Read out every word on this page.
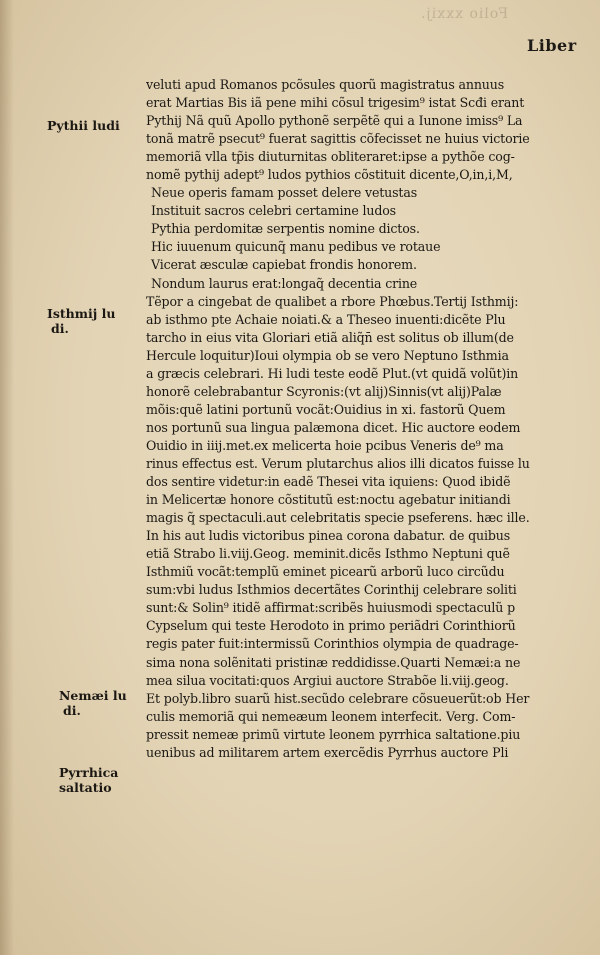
Folio xxxij.
Liber
Pythii ludi
Isthmij lu
di.
Nemæi lu
di.
Pyrrhica
saltatio
veluti apud Romanos pcõsules quorũ magistratus annuus
erat Martias Bis iã pene mihi cõsul trigesim⁹ istat Scđi erant
Pythij Nã quũ Apollo pythonẽ serpẽtẽ qui a Iunone imiss⁹ La
tonã matrẽ psecut⁹ fuerat sagittis cõfecisset ne huius victorie
memoriã vlla tp̃is diuturnitas obliteraret:ipse a pythõe cog-
nomẽ pythij adept⁹ ludos pythios cõstituit dicente,O,in,i,M,
Neue operis famam posset delere vetustas
Instituit sacros celebri certamine ludos
Pythia perdomitæ serpentis nomine dictos.
Hic iuuenum quicunq̃ manu pedibus ve rotaue
Vicerat æsculæ capiebat frondis honorem.
Nondum laurus erat:longaq̃ decentia crine
Tẽpor a cingebat de qualibet a rbore Phœbus.Tertij Isthmij:
ab isthmo pte Achaie noiati.& a Theseo inuenti:dicẽte Plu
tarcho in eius vita Gloriari etiã aliq̃n̄ est solitus ob illum(de
Hercule loquitur)Ioui olympia ob se vero Neptuno Isthmia
a græcis celebrari. Hi ludi teste eodẽ Plut.(vt quidã volũt)in
honorẽ celebrabantur Scyronis:(vt alij)Sinnis(vt alij)Palæ
mõis:quẽ latini portunũ vocãt:Ouidius in xi. fastorũ Quem
nos portunũ sua lingua palæmona dicet. Hic auctore eodem
Ouidio in iiij.met.ex melicerta hoie pcibus Veneris de⁹ ma
rinus effectus est. Verum plutarchus alios illi dicatos fuisse lu
dos sentire videtur:in eadẽ Thesei vita iquiens: Quod ibidẽ
in Melicertæ honore cõstitutũ est:noctu agebatur initiandi
magis q̃ spectaculi.aut celebritatis specie pseferens. hæc ille.
In his aut ludis victoribus pinea corona dabatur. de quibus
etiã Strabo li.viij.Geog. meminit.dicẽs Isthmo Neptuni quẽ
Isthmiũ vocãt:templũ eminet picearũ arborũ luco circũdu
sum:vbi ludus Isthmios decertãtes Corinthij celebrare soliti
sunt:& Solin⁹ itidẽ affirmat:scribẽs huiusmodi spectaculũ p
Cypselum qui teste Herodoto in primo periãdri Corinthiorũ
regis pater fuit:intermissũ Corinthios olympia de quadrage-
sima nona solẽnitati pristinæ reddidisse.Quarti Nemæi:a ne
mea silua vocitati:quos Argiui auctore Strabõe li.viij.geog.
Et polyb.libro suarũ hist.secũdo celebrare cõsueuerũt:ob Her
culis memoriã qui nemeæum leonem interfecit. Verg. Com-
pressit nemeæ primũ virtute leonem pyrrhica saltatione.piu
uenibus ad militarem artem exercẽdis Pyrrhus auctore Pli
